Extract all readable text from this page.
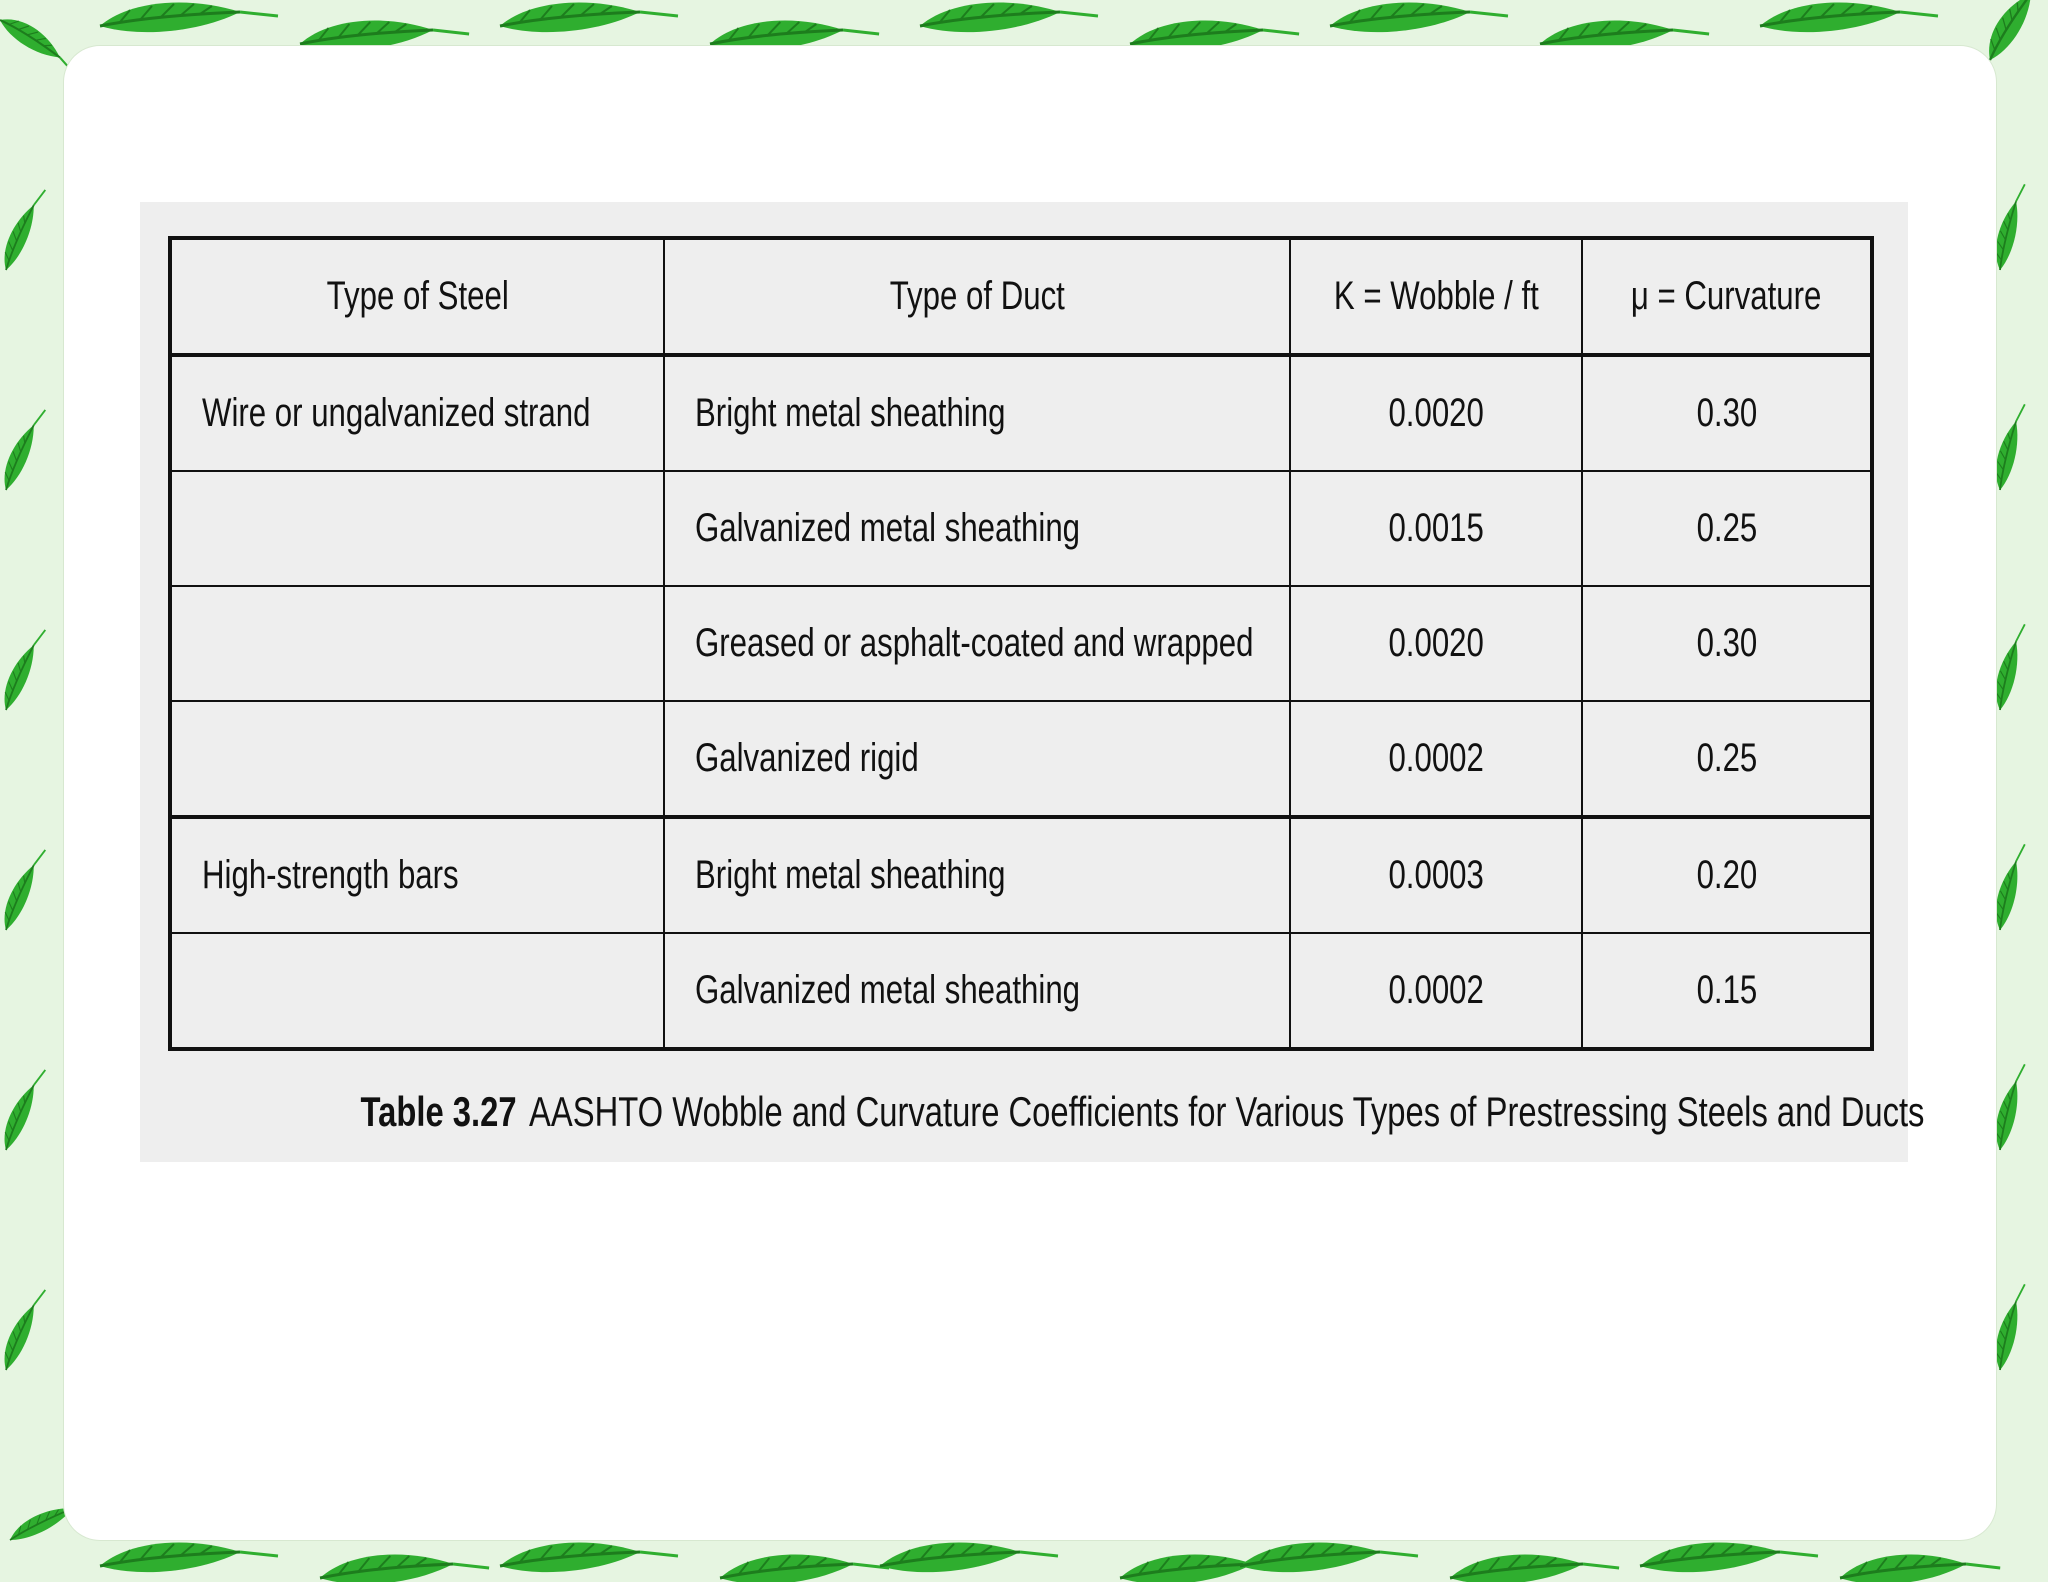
Type of Steel	Type of Duct	K = Wobble / ft	μ = Curvature
Wire or ungalvanized strand	Bright metal sheathing	0.0020	0.30
	Galvanized metal sheathing	0.0015	0.25
	Greased or asphalt-coated and wrapped	0.0020	0.30
	Galvanized rigid	0.0002	0.25
High-strength bars	Bright metal sheathing	0.0003	0.20
	Galvanized metal sheathing	0.0002	0.15
Table 3.27 AASHTO Wobble and Curvature Coefficients for Various Types of Prestressing Steels and Ducts
